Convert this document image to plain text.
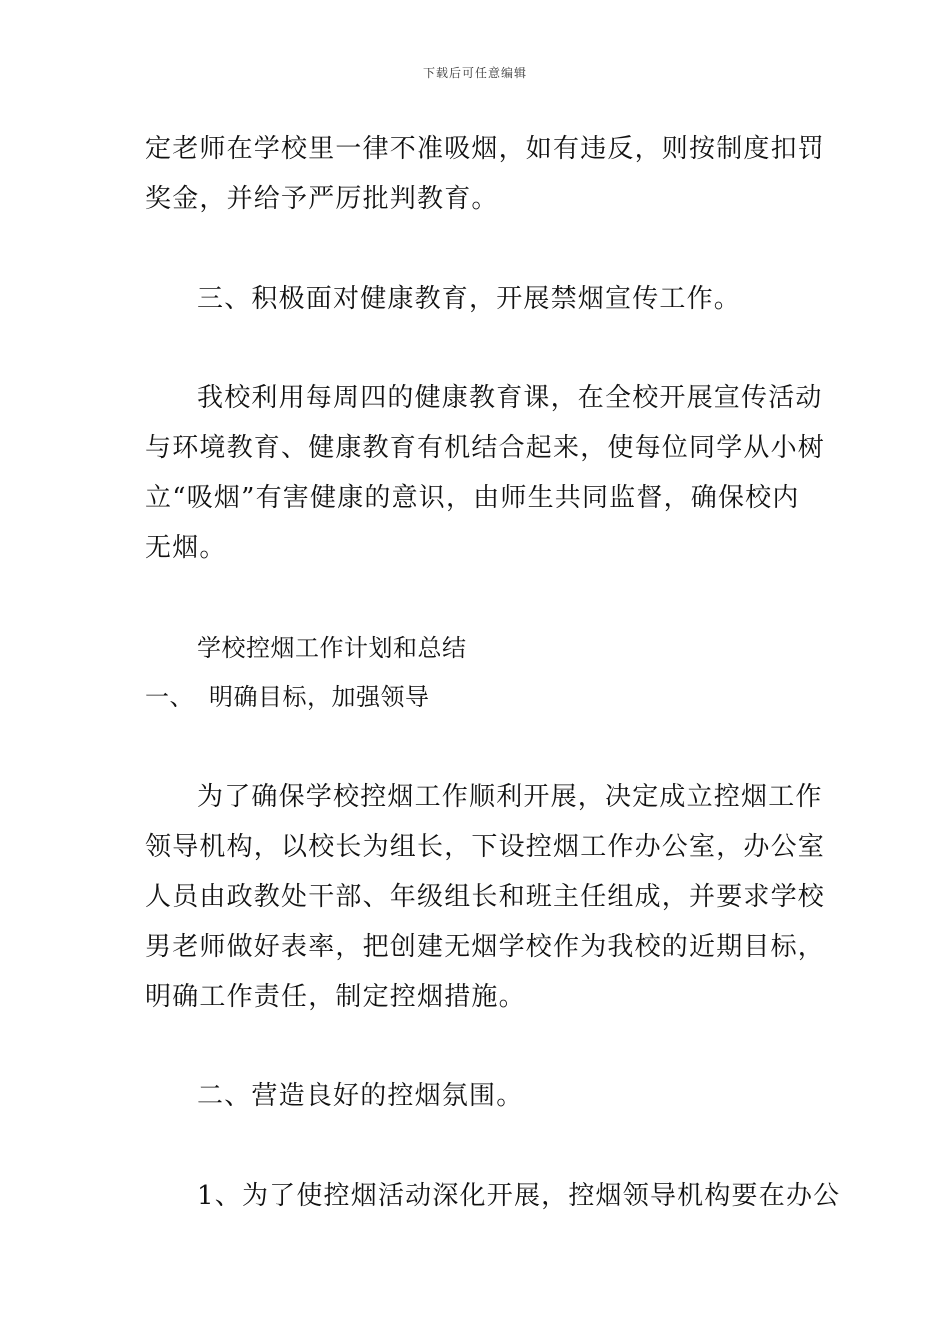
下载后可任意编辑
定老师在学校里一律不准吸烟，如有违反，则按制度扣罚
奖金，并给予严厉批判教育。
三、积极面对健康教育，开展禁烟宣传工作。
我校利用每周四的健康教育课，在全校开展宣传活动
与环境教育、健康教育有机结合起来，使每位同学从小树
立“吸烟”有害健康的意识，由师生共同监督，确保校内
无烟。
学校控烟工作计划和总结
一、 明确目标，加强领导
为了确保学校控烟工作顺利开展，决定成立控烟工作
领导机构，以校长为组长，下设控烟工作办公室，办公室
人员由政教处干部、年级组长和班主任组成，并要求学校
男老师做好表率，把创建无烟学校作为我校的近期目标，
明确工作责任，制定控烟措施。
二、营造良好的控烟氛围。
1、为了使控烟活动深化开展，控烟领导机构要在办公
